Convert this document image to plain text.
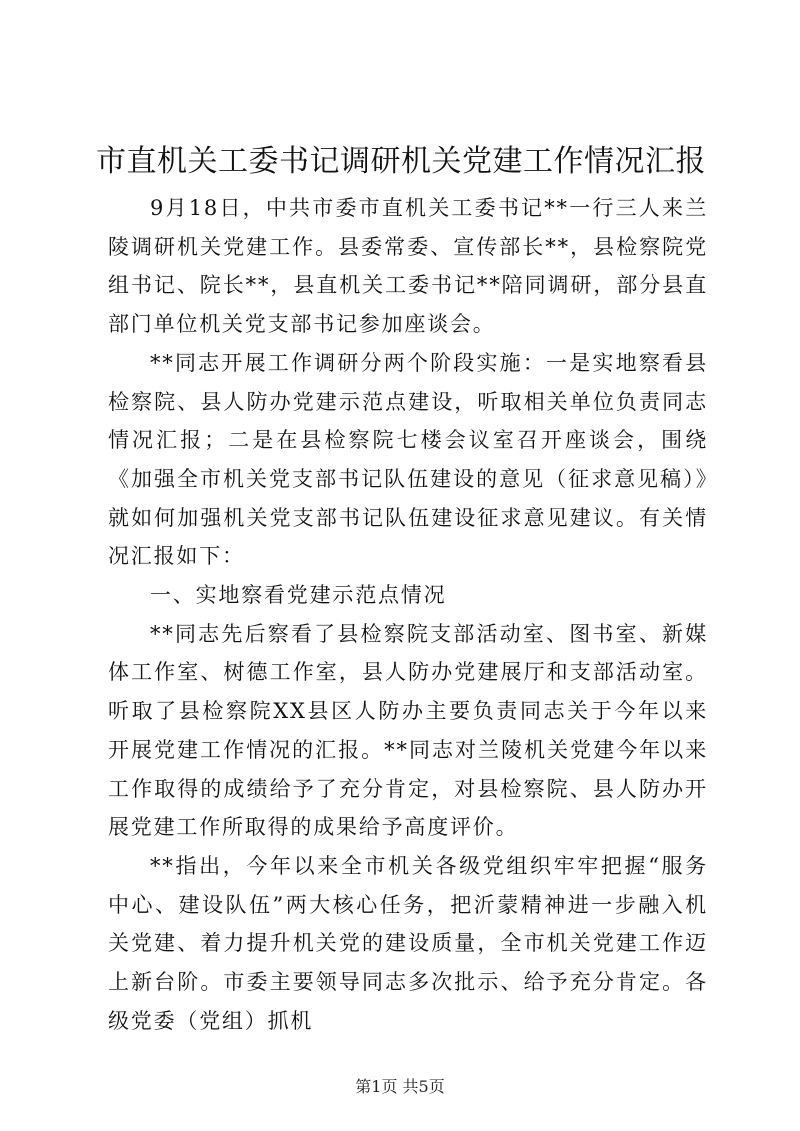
市直机关工委书记调研机关党建工作情况汇报

9月18日，中共市委市直机关工委书记**一行三人来兰陵调研机关党建工作。县委常委、宣传部长**，县检察院党组书记、院长**，县直机关工委书记**陪同调研，部分县直部门单位机关党支部书记参加座谈会。

**同志开展工作调研分两个阶段实施：一是实地察看县检察院、县人防办党建示范点建设，听取相关单位负责同志情况汇报；二是在县检察院七楼会议室召开座谈会，围绕《加强全市机关党支部书记队伍建设的意见（征求意见稿）》就如何加强机关党支部书记队伍建设征求意见建议。有关情况汇报如下：

一、实地察看党建示范点情况

**同志先后察看了县检察院支部活动室、图书室、新媒体工作室、树德工作室，县人防办党建展厅和支部活动室。听取了县检察院XX县区人防办主要负责同志关于今年以来开展党建工作情况的汇报。**同志对兰陵机关党建今年以来工作取得的成绩给予了充分肯定，对县检察院、县人防办开展党建工作所取得的成果给予高度评价。

**指出，今年以来全市机关各级党组织牢牢把握“服务中心、建设队伍”两大核心任务，把沂蒙精神进一步融入机关党建、着力提升机关党的建设质量，全市机关党建工作迈上新台阶。市委主要领导同志多次批示、给予充分肯定。各级党委（党组）抓机

第1页 共5页
